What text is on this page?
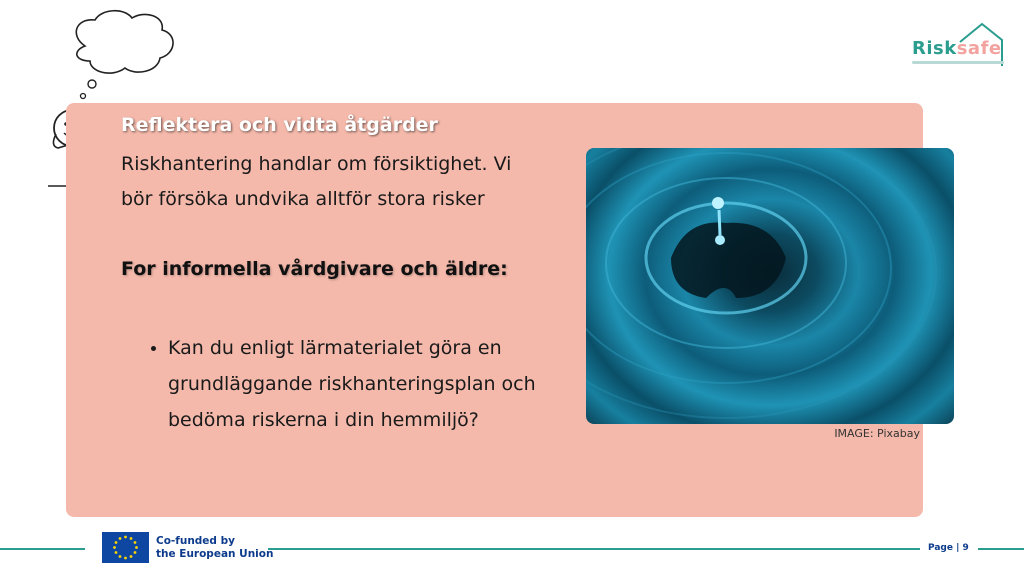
Reflektera och vidta åtgärder
Riskhantering handlar om försiktighet. Vi bör försöka undvika alltför stora risker
For informella vårdgivare och äldre:
• Kan du enligt lärmaterialet göra en grundläggande riskhanteringsplan och bedöma riskerna i din hemmiljö?
IMAGE: Pixabay
Risksafe
Co-funded by
the European Union	Page | 9
